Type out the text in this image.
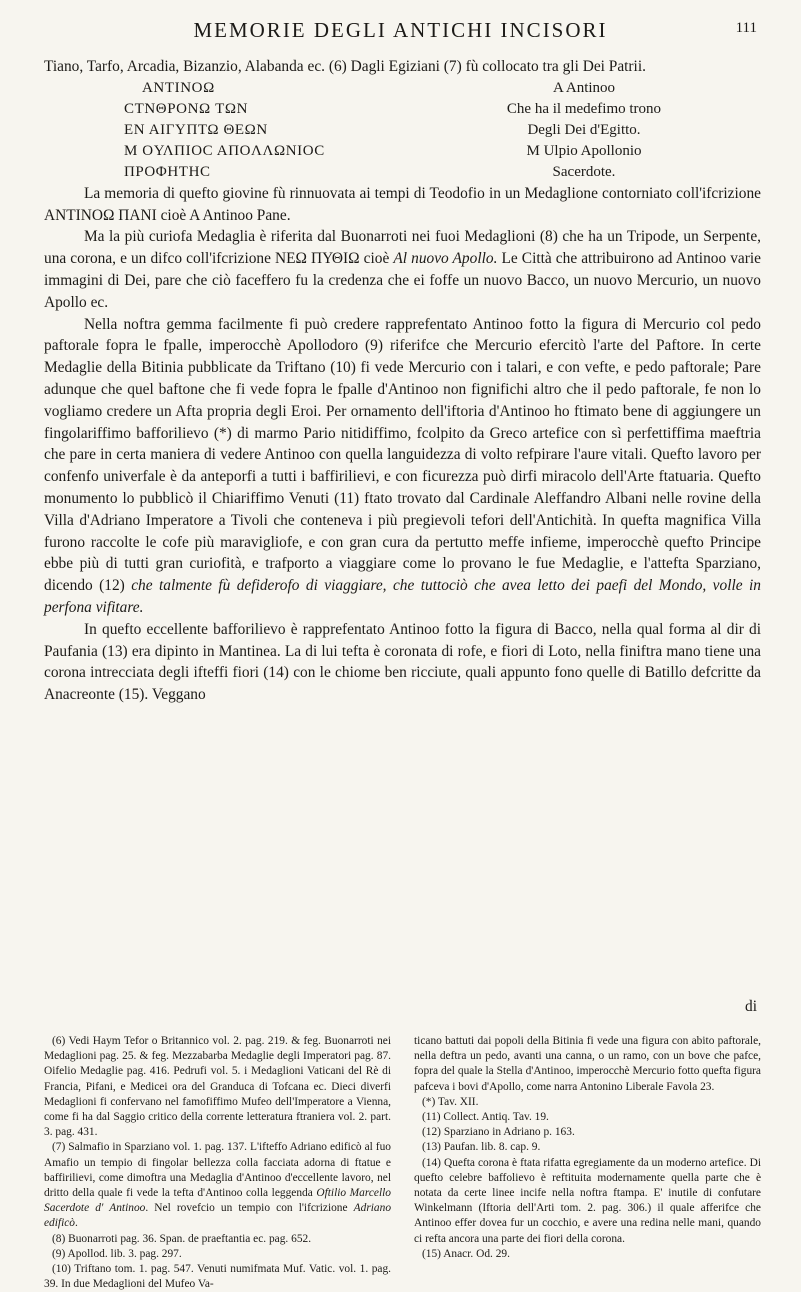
MEMORIE DEGLI ANTICHI INCISORI	111

Tiano, Tarfo, Arcadia, Bizanzio, Alabanda ec. (6) Dagli Egiziani (7) fù collocato tra gli Dei Patrii.

ANTINOΩ
CTNΘPONΩ TΩN
EN AIΓΥΠΤΩ ΘEΩN
M OΥΛΠIOC AΠOΛΛΩNIOC
ΠPOΦHTHC
A Antinoo
Che ha il medefimo trono
Degli Dei d'Egitto.
M Ulpio Apollonio
Sacerdote.

La memoria di quefto giovine fù rinnuovata ai tempi di Teodofio in un Medaglione contorniato coll'ifcrizione ANTINOΩ ΠANI cioè A Antinoo Pane.

Ma la più curiofa Medaglia è riferita dal Buonarroti nei fuoi Medaglioni (8) che ha un Tripode, un Serpente, una corona, e un difco coll'ifcrizione NEΩ ΠΥΘIΩ cioè Al nuovo Apollo. Le Città che attribuirono ad Antinoo varie immagini di Dei, pare che ciò faceffero fu la credenza che ei foffe un nuovo Bacco, un nuovo Mercurio, un nuovo Apollo ec.

Nella noftra gemma facilmente fi può credere rapprefentato Antinoo fotto la figura di Mercurio col pedo paftorale fopra le fpalle, imperocchè Apollodoro (9) riferifce che Mercurio efercitò l'arte del Paftore. In certe Medaglie della Bitinia pubblicate da Triftano (10) fi vede Mercurio con i talari, e con vefte, e pedo paftorale; Pare adunque che quel baftone che fi vede fopra le fpalle d'Antinoo non fignifichi altro che il pedo paftorale, fe non lo vogliamo credere un Afta propria degli Eroi. Per ornamento dell'iftoria d'Antinoo ho ftimato bene di aggiungere un fingolariffimo bafforilievo (*) di marmo Pario nitidiffimo, fcolpito da Greco artefice con sì perfettiffima maeftria che pare in certa maniera di vedere Antinoo con quella languidezza di volto refpirare l'aure vitali. Quefto lavoro per confenfo univerfale è da anteporfi a tutti i baffirilievi, e con ficurezza può dirfi miracolo dell'Arte ftatuaria. Quefto monumento lo pubblicò il Chiariffimo Venuti (11) ftato trovato dal Cardinale Aleffandro Albani nelle rovine della Villa d'Adriano Imperatore a Tivoli che conteneva i più pregievoli tefori dell'Antichità. In quefta magnifica Villa furono raccolte le cofe più maravigliofe, e con gran cura da pertutto meffe infieme, imperocchè quefto Principe ebbe più di tutti gran curiofità, e trafporto a viaggiare come lo provano le fue Medaglie, e l'attefta Sparziano, dicendo (12) che talmente fù defiderofo di viaggiare, che tuttociò che avea letto dei paefi del Mondo, volle in perfona vifitare.

In quefto eccellente bafforilievo è rapprefentato Antinoo fotto la figura di Bacco, nella qual forma al dir di Paufania (13) era dipinto in Mantinea. La di lui tefta è coronata di rofe, e fiori di Loto, nella finiftra mano tiene una corona intrecciata degli ifteffi fiori (14) con le chiome ben ricciute, quali appunto fono quelle di Batillo defcritte da Anacreonte (15). Veggano

di

(6) Vedi Haym Tefor o Britannico vol. 2. pag. 219. & feg. Buonarroti nei Medaglioni pag. 25. & feg. Mezzabarba Medaglie degli Imperatori pag. 87. Oifelio Medaglie pag. 416. Pedrufi vol. 5. i Medaglioni Vaticani del Rè di Francia, Pifani, e Medicei ora del Granduca di Tofcana ec. Dieci diverfi Medaglioni fi confervano nel famofiffimo Mufeo dell'Imperatore a Vienna, come fi ha dal Saggio critico della corrente letteratura ftraniera vol. 2. part. 3. pag. 431.

(7) Salmafio in Sparziano vol. 1. pag. 137. L'ifteffo Adriano edificò al fuo Amafio un tempio di fingolar bellezza colla facciata adorna di ftatue e baffirilievi, come dimoftra una Medaglia d'Antinoo d'eccellente lavoro, nel dritto della quale fi vede la tefta d'Antinoo colla leggenda Oftilio Marcello Sacerdote d' Antinoo. Nel rovefcio un tempio con l'ifcrizione Adriano edificò.

(8) Buonarroti pag. 36. Span. de praeftantia ec. pag. 652.

(9) Apollod. lib. 3. pag. 297.

(10) Triftano tom. 1. pag. 547. Venuti numifmata Muf. Vatic. vol. 1. pag. 39. In due Medaglioni del Mufeo Va-

ticano battuti dai popoli della Bitinia fi vede una figura con abito paftorale, nella deftra un pedo, avanti una canna, o un ramo, con un bove che pafce, fopra del quale la Stella d'Antinoo, imperocchè Mercurio fotto quefta figura pafceva i bovi d'Apollo, come narra Antonino Liberale Favola 23.

(*) Tav. XII.

(11) Collect. Antiq. Tav. 19.

(12) Sparziano in Adriano p. 163.

(13) Paufan. lib. 8. cap. 9.

(14) Quefta corona è ftata rifatta egregiamente da un moderno artefice. Di quefto celebre baffolievo è reftituita modernamente quella parte che è notata da certe linee incife nella noftra ftampa. E' inutile di confutare Winkelmann (Iftoria dell'Arti tom. 2. pag. 306.) il quale afferifce che Antinoo effer dovea fur un cocchio, e avere una redina nelle mani, quando ci refta ancora una parte dei fiori della corona.

(15) Anacr. Od. 29.
